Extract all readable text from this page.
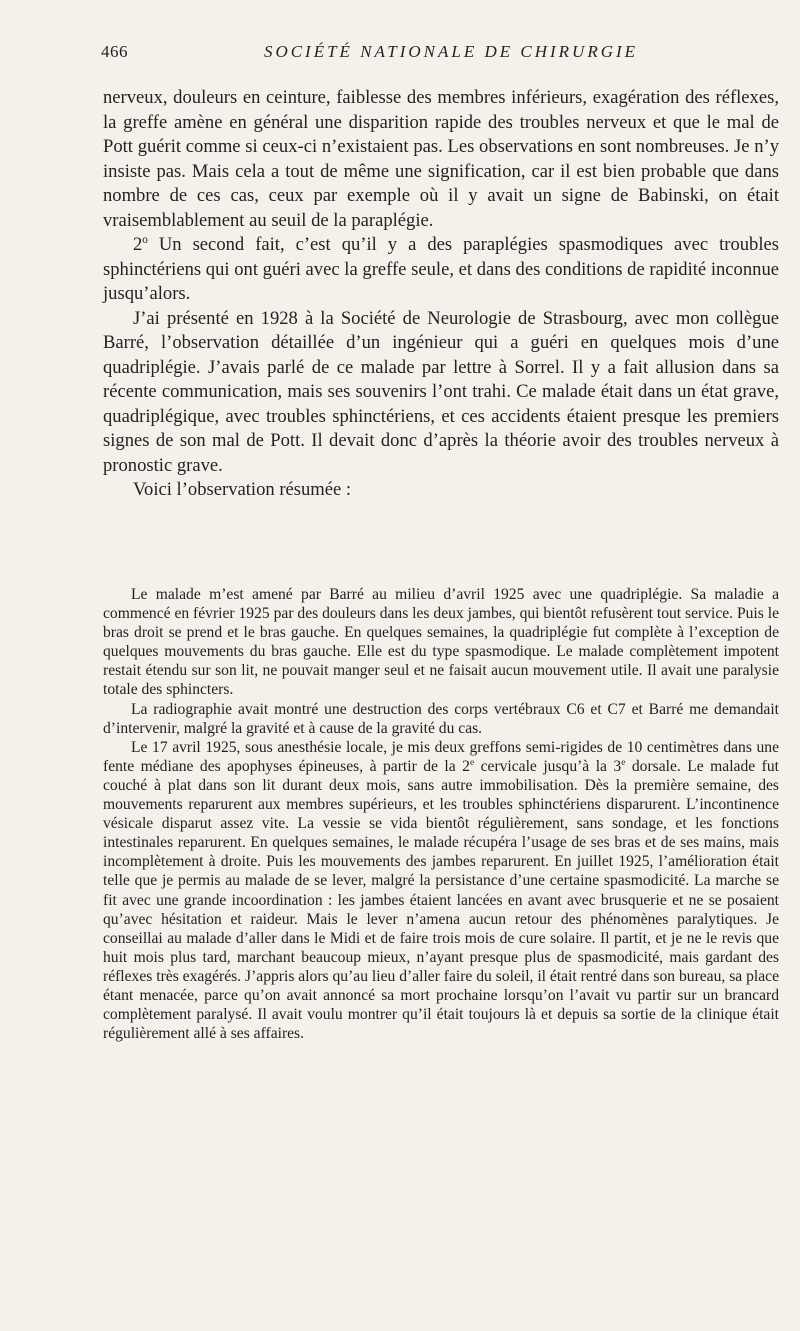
466	SOCIÉTÉ NATIONALE DE CHIRURGIE

nerveux, douleurs en ceinture, faiblesse des membres inférieurs, exagération des réflexes, la greffe amène en général une disparition rapide des troubles nerveux et que le mal de Pott guérit comme si ceux-ci n’existaient pas. Les observations en sont nombreuses. Je n’y insiste pas. Mais cela a tout de même une signification, car il est bien probable que dans nombre de ces cas, ceux par exemple où il y avait un signe de Babinski, on était vraisemblablement au seuil de la paraplégie.

2$^o$ Un second fait, c’est qu’il y a des paraplégies spasmodiques avec troubles sphinctériens qui ont guéri avec la greffe seule, et dans des conditions de rapidité inconnue jusqu’alors.

J’ai présenté en 1928 à la Société de Neurologie de Strasbourg, avec mon collègue Barré, l’observation détaillée d’un ingénieur qui a guéri en quelques mois d’une quadriplégie. J’avais parlé de ce malade par lettre à Sorrel. Il y a fait allusion dans sa récente communication, mais ses souvenirs l’ont trahi. Ce malade était dans un état grave, quadriplégique, avec troubles sphinctériens, et ces accidents étaient presque les premiers signes de son mal de Pott. Il devait donc d’après la théorie avoir des troubles nerveux à pronostic grave.

Voici l’observation résumée :

Le malade m’est amené par Barré au milieu d’avril 1925 avec une quadriplégie. Sa maladie a commencé en février 1925 par des douleurs dans les deux jambes, qui bientôt refusèrent tout service. Puis le bras droit se prend et le bras gauche. En quelques semaines, la quadriplégie fut complète à l’exception de quelques mouvements du bras gauche. Elle est du type spasmodique. Le malade complètement impotent restait étendu sur son lit, ne pouvait manger seul et ne faisait aucun mouvement utile. Il avait une paralysie totale des sphincters.

La radiographie avait montré une destruction des corps vertébraux C6 et C7 et Barré me demandait d’intervenir, malgré la gravité et à cause de la gravité du cas.

Le 17 avril 1925, sous anesthésie locale, je mis deux greffons semi-rigides de 10 centimètres dans une fente médiane des apophyses épineuses, à partir de la 2e cervicale jusqu’à la 3e dorsale. Le malade fut couché à plat dans son lit durant deux mois, sans autre immobilisation. Dès la première semaine, des mouvements reparurent aux membres supérieurs, et les troubles sphinctériens disparurent. L’incontinence vésicale disparut assez vite. La vessie se vida bientôt régulièrement, sans sondage, et les fonctions intestinales reparurent. En quelques semaines, le malade récupéra l’usage de ses bras et de ses mains, mais incomplètement à droite. Puis les mouvements des jambes reparurent. En juillet 1925, l’amélioration était telle que je permis au malade de se lever, malgré la persistance d’une certaine spasmodicité. La marche se fit avec une grande incoordination : les jambes étaient lancées en avant avec brusquerie et ne se posaient qu’avec hésitation et raideur. Mais le lever n’amena aucun retour des phénomènes paralytiques. Je conseillai au malade d’aller dans le Midi et de faire trois mois de cure solaire. Il partit, et je ne le revis que huit mois plus tard, marchant beaucoup mieux, n’ayant presque plus de spasmodicité, mais gardant des réflexes très exagérés. J’appris alors qu’au lieu d’aller faire du soleil, il était rentré dans son bureau, sa place étant menacée, parce qu’on avait annoncé sa mort prochaine lorsqu’on l’avait vu partir sur un brancard complètement paralysé. Il avait voulu montrer qu’il était toujours là et depuis sa sortie de la clinique était régulièrement allé à ses affaires.
